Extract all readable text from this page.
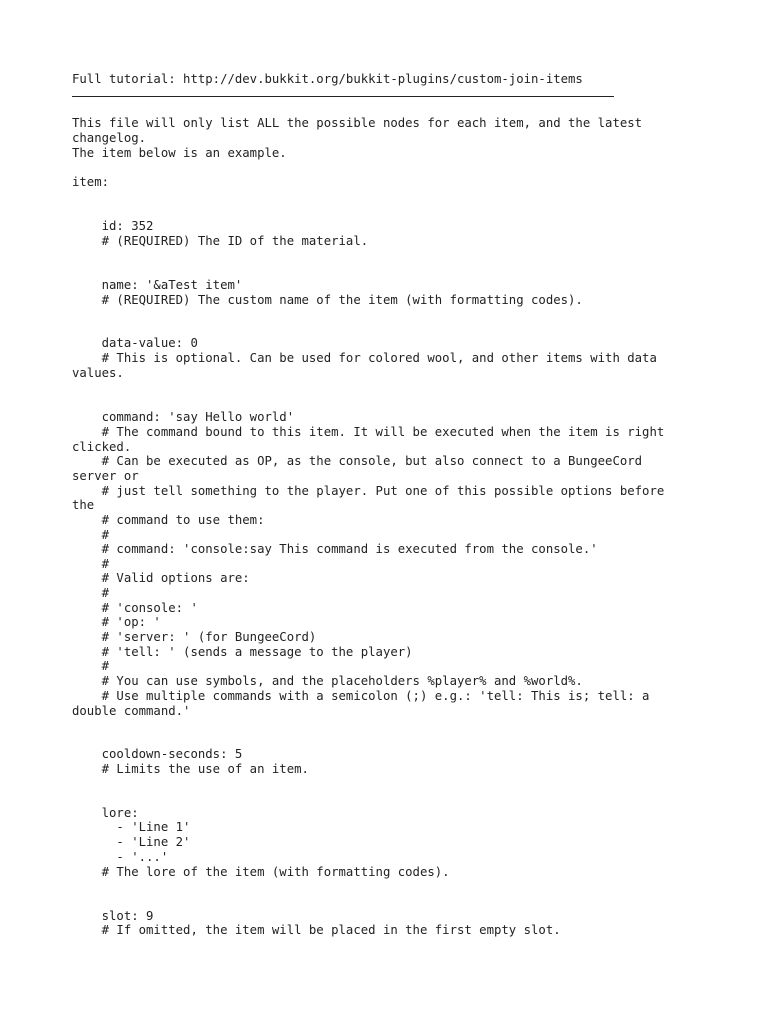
Full tutorial: http://dev.bukkit.org/bukkit-plugins/custom-join-items
This file will only list ALL the possible nodes for each item, and the latest
changelog.
The item below is an example.
item:
id: 352
# (REQUIRED) The ID of the material.
name: '&aTest item'
# (REQUIRED) The custom name of the item (with formatting codes).
data-value: 0
# This is optional. Can be used for colored wool, and other items with data
values.
command: 'say Hello world'
# The command bound to this item. It will be executed when the item is right
clicked.
# Can be executed as OP, as the console, but also connect to a BungeeCord
server or
# just tell something to the player. Put one of this possible options before
the
# command to use them:
#
# command: 'console:say This command is executed from the console.'
#
# Valid options are:
#
# 'console: '
# 'op: '
# 'server: ' (for BungeeCord)
# 'tell: ' (sends a message to the player)
#
# You can use symbols, and the placeholders %player% and %world%.
# Use multiple commands with a semicolon (;) e.g.: 'tell: This is; tell: a
double command.'
cooldown-seconds: 5
# Limits the use of an item.
lore:
- 'Line 1'
- 'Line 2'
- '...'
# The lore of the item (with formatting codes).
slot: 9
# If omitted, the item will be placed in the first empty slot.
